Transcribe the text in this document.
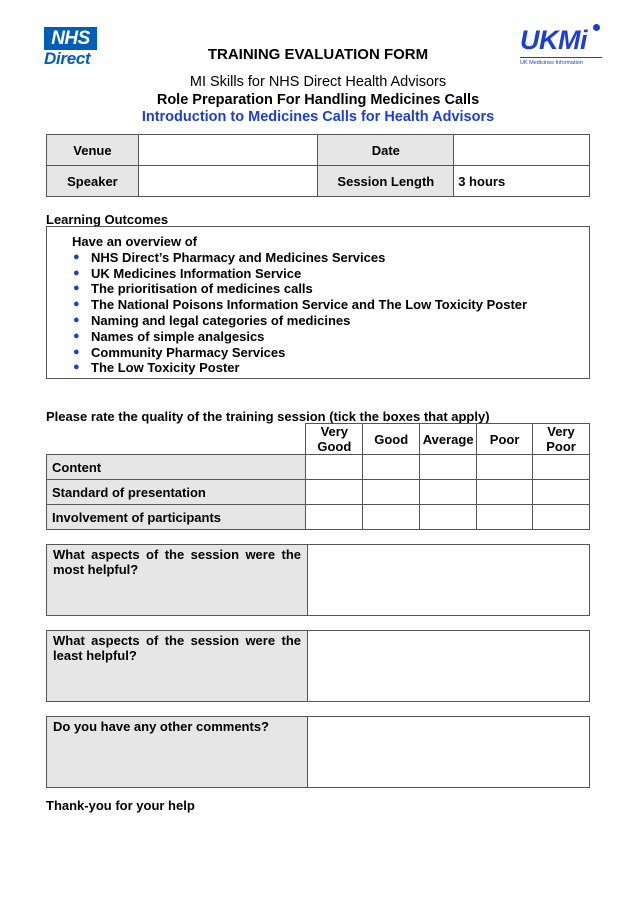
NHS
Direct
UKMi
UK Medicines Information
TRAINING EVALUATION FORM
MI Skills for NHS Direct Health Advisors
Role Preparation For Handling Medicines Calls
Introduction to Medicines Calls for Health Advisors
Venue		Date	
Speaker		Session Length	3 hours
Learning Outcomes
Have an overview of
● NHS Direct’s Pharmacy and Medicines Services
● UK Medicines Information Service
● The prioritisation of medicines calls
● The National Poisons Information Service and The Low Toxicity Poster
● Naming and legal categories of medicines
● Names of simple analgesics
● Community Pharmacy Services
● The Low Toxicity Poster
Please rate the quality of the training session (tick the boxes that apply)
	Very Good	Good	Average	Poor	Very Poor
Content					
Standard of presentation					
Involvement of participants					
What aspects of the session were the most helpful?	
What aspects of the session were the least helpful?	
Do you have any other comments?	
Thank-you for your help
